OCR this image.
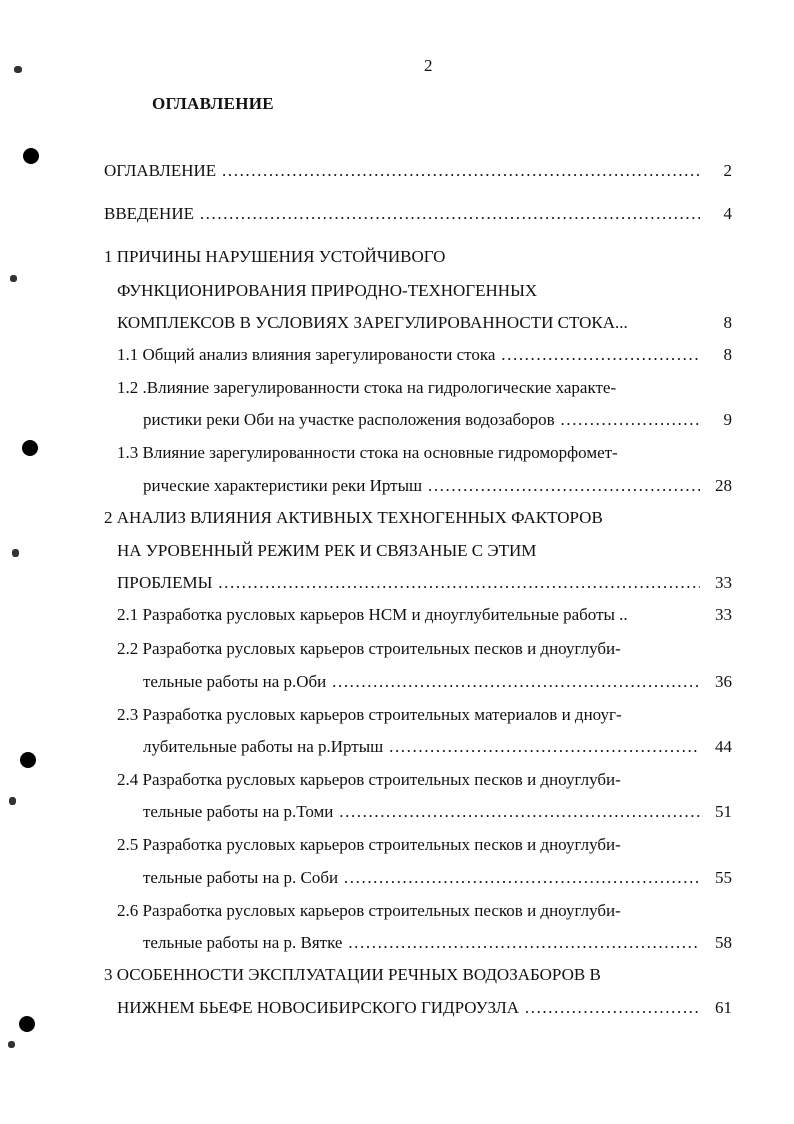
2
ОГЛАВЛЕНИЕ
ОГЛАВЛЕНИЕ .....	2
ВВЕДЕНИЕ .....	4
1 ПРИЧИНЫ НАРУШЕНИЯ УСТОЙЧИВОГО
ФУНКЦИОНИРОВАНИЯ ПРИРОДНО-ТЕХНОГЕННЫХ
КОМПЛЕКСОВ В УСЛОВИЯХ ЗАРЕГУЛИРОВАННОСТИ СТОКА...	8
1.1 Общий анализ влияния зарегулированости стока .....	8
1.2 .Влияние зарегулированности стока на гидрологические характе-
ристики реки Оби на участке расположения водозаборов .....	9
1.3 Влияние зарегулированности стока на основные гидроморфомет-
рические характеристики реки Иртыш .....	28
2 АНАЛИЗ ВЛИЯНИЯ АКТИВНЫХ ТЕХНОГЕННЫХ ФАКТОРОВ
НА УРОВЕННЫЙ РЕЖИМ РЕК И СВЯЗАНЫЕ С ЭТИМ
ПРОБЛЕМЫ .....	33
2.1 Разработка русловых карьеров НСМ и дноуглубительные работы ..	33
2.2 Разработка русловых карьеров строительных песков и дноуглуби-
тельные работы на р.Оби .....	36
2.3 Разработка русловых карьеров строительных материалов и дноуг-
лубительные работы на р.Иртыш .....	44
2.4 Разработка русловых карьеров строительных песков и дноуглуби-
тельные работы на р.Томи .....	51
2.5 Разработка русловых карьеров строительных песков и дноуглуби-
тельные работы на р. Соби .....	55
2.6 Разработка русловых карьеров строительных песков и дноуглуби-
тельные работы на р. Вятке .....	58
3 ОСОБЕННОСТИ ЭКСПЛУАТАЦИИ РЕЧНЫХ ВОДОЗАБОРОВ В
НИЖНЕМ БЬЕФЕ НОВОСИБИРСКОГО ГИДРОУЗЛА .....	61
